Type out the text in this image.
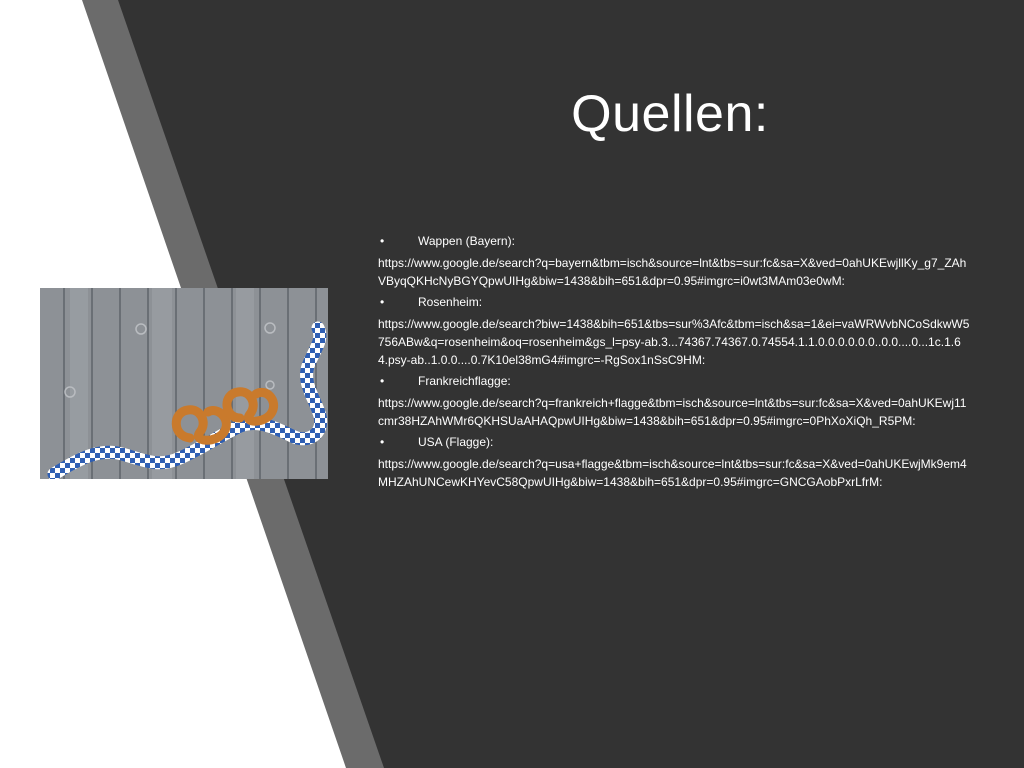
Quellen:
•	Wappen (Bayern):
https://www.google.de/search?q=bayern&tbm=isch&source=lnt&tbs=sur:fc&sa=X&ved=0ahUKEwjllKy_g7_ZAhVByqQKHcNyBGYQpwUIHg&biw=1438&bih=651&dpr=0.95#imgrc=i0wt3MAm03e0wM:
•	Rosenheim:
https://www.google.de/search?biw=1438&bih=651&tbs=sur%3Afc&tbm=isch&sa=1&ei=vaWRWvbNCoSdkwW5756ABw&q=rosenheim&oq=rosenheim&gs_l=psy-ab.3...74367.74367.0.74554.1.1.0.0.0.0.0.0..0.0....0...1c.1.64.psy-ab..1.0.0....0.7K10el38mG4#imgrc=-RgSox1nSsC9HM:
•	Frankreichflagge:
https://www.google.de/search?q=frankreich+flagge&tbm=isch&source=lnt&tbs=sur:fc&sa=X&ved=0ahUKEwj11cmr38HZAhWMr6QKHSUaAHAQpwUIHg&biw=1438&bih=651&dpr=0.95#imgrc=0PhXoXiQh_R5PM:
•	USA (Flagge):
https://www.google.de/search?q=usa+flagge&tbm=isch&source=lnt&tbs=sur:fc&sa=X&ved=0ahUKEwjMk9em4MHZAhUNCewKHYevC58QpwUIHg&biw=1438&bih=651&dpr=0.95#imgrc=GNCGAobPxrLfrM:
